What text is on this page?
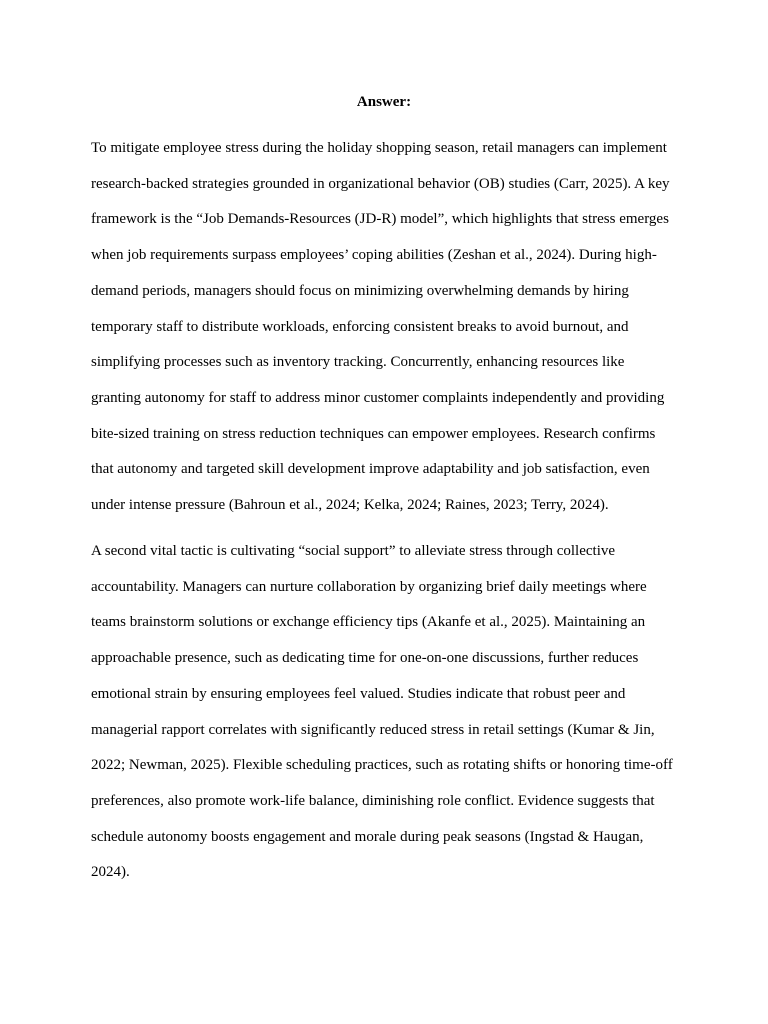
Answer:

To mitigate employee stress during the holiday shopping season, retail managers can implement

research-backed strategies grounded in organizational behavior (OB) studies (Carr, 2025). A key

framework is the “Job Demands-Resources (JD-R) model”, which highlights that stress emerges

when job requirements surpass employees’ coping abilities (Zeshan et al., 2024). During high-

demand periods, managers should focus on minimizing overwhelming demands by hiring

temporary staff to distribute workloads, enforcing consistent breaks to avoid burnout, and

simplifying processes such as inventory tracking. Concurrently, enhancing resources like

granting autonomy for staff to address minor customer complaints independently and providing

bite-sized training on stress reduction techniques can empower employees. Research confirms

that autonomy and targeted skill development improve adaptability and job satisfaction, even

under intense pressure (Bahroun et al., 2024; Kelka, 2024; Raines, 2023; Terry, 2024).

A second vital tactic is cultivating “social support” to alleviate stress through collective

accountability. Managers can nurture collaboration by organizing brief daily meetings where

teams brainstorm solutions or exchange efficiency tips (Akanfe et al., 2025). Maintaining an

approachable presence, such as dedicating time for one-on-one discussions, further reduces

emotional strain by ensuring employees feel valued. Studies indicate that robust peer and

managerial rapport correlates with significantly reduced stress in retail settings (Kumar & Jin,

2022; Newman, 2025). Flexible scheduling practices, such as rotating shifts or honoring time-off

preferences, also promote work-life balance, diminishing role conflict. Evidence suggests that

schedule autonomy boosts engagement and morale during peak seasons (Ingstad & Haugan,

2024).
